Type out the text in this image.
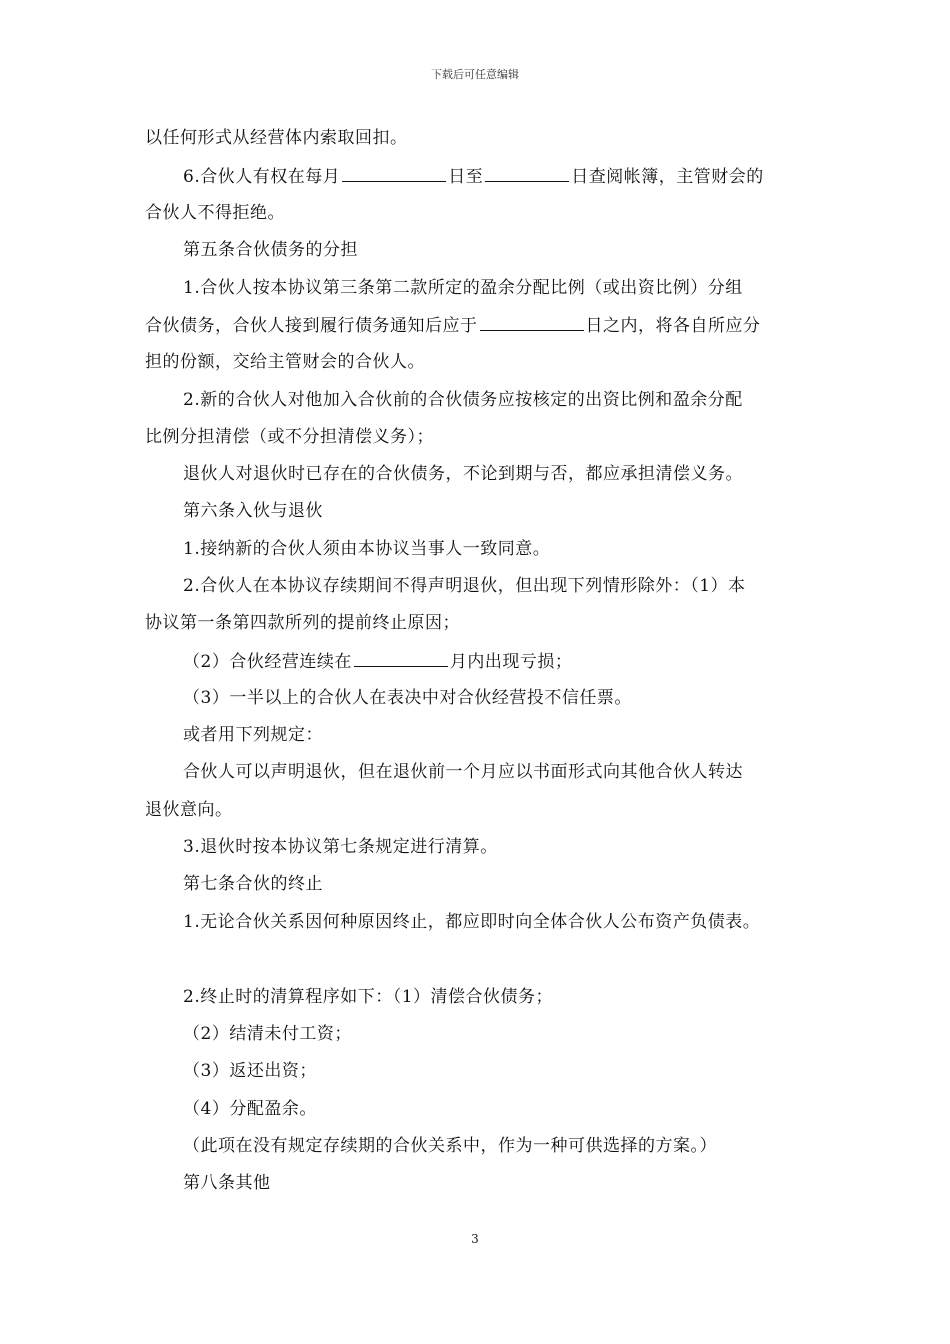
下载后可任意编辑
以任何形式从经营体内索取回扣。
6.合伙人有权在每月	日至	日查阅帐簿，主管财会的
合伙人不得拒绝。
第五条合伙债务的分担
1.合伙人按本协议第三条第二款所定的盈余分配比例（或出资比例）分组
合伙债务，合伙人接到履行债务通知后应于	日之内，将各自所应分
担的份额，交给主管财会的合伙人。
2.新的合伙人对他加入合伙前的合伙债务应按核定的出资比例和盈余分配
比例分担清偿（或不分担清偿义务）；
退伙人对退伙时已存在的合伙债务，不论到期与否，都应承担清偿义务。
第六条入伙与退伙
1.接纳新的合伙人须由本协议当事人一致同意。
2.合伙人在本协议存续期间不得声明退伙，但出现下列情形除外：（1）本
协议第一条第四款所列的提前终止原因；
（2）合伙经营连续在	月内出现亏损；
（3）一半以上的合伙人在表决中对合伙经营投不信任票。
或者用下列规定：
合伙人可以声明退伙，但在退伙前一个月应以书面形式向其他合伙人转达
退伙意向。
3.退伙时按本协议第七条规定进行清算。
第七条合伙的终止
1.无论合伙关系因何种原因终止，都应即时向全体合伙人公布资产负债表。
2.终止时的清算程序如下：（1）清偿合伙债务；
（2）结清未付工资；
（3）返还出资；
（4）分配盈余。
（此项在没有规定存续期的合伙关系中，作为一种可供选择的方案。）
第八条其他
3
